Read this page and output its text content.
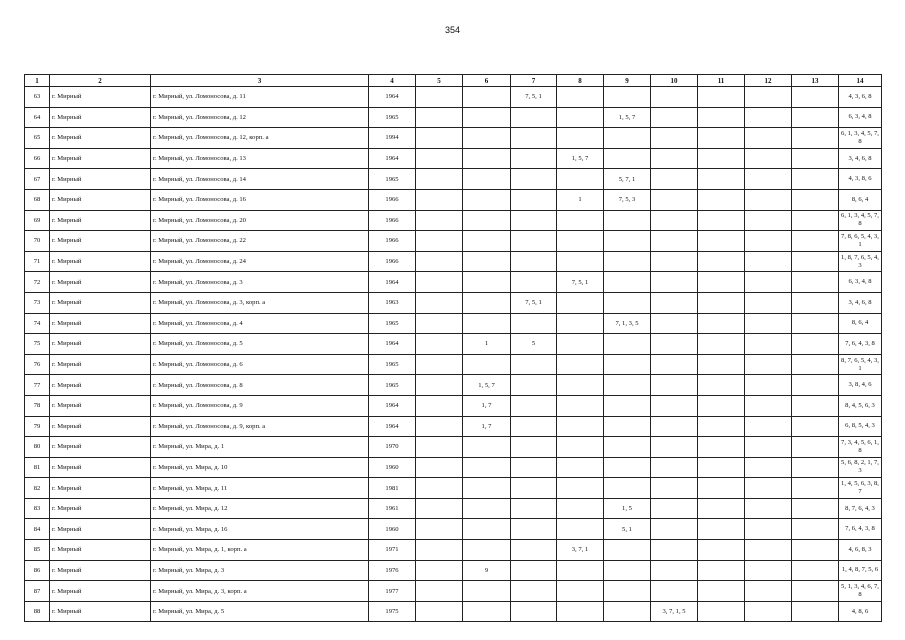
354
1	2	3	4	5	6	7	8	9	10	11	12	13	14
63	г. Мирный	г. Мирный, ул. Ломоносова, д. 11	1964			7, 5, 1							4, 3, 6, 8
64	г. Мирный	г. Мирный, ул. Ломоносова, д. 12	1965					1, 5, 7					6, 3, 4, 8
65	г. Мирный	г. Мирный, ул. Ломоносова, д. 12, корп. а	1994										6, 1, 3, 4, 5, 7, 8
66	г. Мирный	г. Мирный, ул. Ломоносова, д. 13	1964				1, 5, 7						3, 4, 6, 8
67	г. Мирный	г. Мирный, ул. Ломоносова, д. 14	1965					5, 7, 1					4, 3, 8, 6
68	г. Мирный	г. Мирный, ул. Ломоносова, д. 16	1966				1	7, 5, 3					8, 6, 4
69	г. Мирный	г. Мирный, ул. Ломоносова, д. 20	1966										6, 1, 3, 4, 5, 7, 8
70	г. Мирный	г. Мирный, ул. Ломоносова, д. 22	1966										7, 8, 6, 5, 4, 3, 1
71	г. Мирный	г. Мирный, ул. Ломоносова, д. 24	1966										1, 8, 7, 6, 5, 4, 3
72	г. Мирный	г. Мирный, ул. Ломоносова, д. 3	1964				7, 5, 1						6, 3, 4, 8
73	г. Мирный	г. Мирный, ул. Ломоносова, д. 3, корп. а	1963			7, 5, 1							3, 4, 6, 8
74	г. Мирный	г. Мирный, ул. Ломоносова, д. 4	1965					7, 1, 3, 5					8, 6, 4
75	г. Мирный	г. Мирный, ул. Ломоносова, д. 5	1964		1	5							7, 6, 4, 3, 8
76	г. Мирный	г. Мирный, ул. Ломоносова, д. 6	1965										8, 7, 6, 5, 4, 3, 1
77	г. Мирный	г. Мирный, ул. Ломоносова, д. 8	1965		1, 5, 7								3, 8, 4, 6
78	г. Мирный	г. Мирный, ул. Ломоносова, д. 9	1964		1, 7								8, 4, 5, 6, 3
79	г. Мирный	г. Мирный, ул. Ломоносова, д. 9, корп. а	1964		1, 7								6, 8, 5, 4, 3
80	г. Мирный	г. Мирный, ул. Мира, д. 1	1970										7, 3, 4, 5, 6, 1, 8
81	г. Мирный	г. Мирный, ул. Мира, д. 10	1960										5, 6, 8, 2, 1, 7, 3
82	г. Мирный	г. Мирный, ул. Мира, д. 11	1981										1, 4, 5, 6, 3, 8, 7
83	г. Мирный	г. Мирный, ул. Мира, д. 12	1961					1, 5					8, 7, 6, 4, 3
84	г. Мирный	г. Мирный, ул. Мира, д. 16	1960					5, 1					7, 6, 4, 3, 8
85	г. Мирный	г. Мирный, ул. Мира, д. 1, корп. а	1971				3, 7, 1						4, 6, 8, 3
86	г. Мирный	г. Мирный, ул. Мира, д. 3	1976		9								1, 4, 8, 7, 5, 6
87	г. Мирный	г. Мирный, ул. Мира, д. 3, корп. а	1977										5, 1, 3, 4, 6, 7, 8
88	г. Мирный	г. Мирный, ул. Мира, д. 5	1975						3, 7, 1, 5				4, 8, 6
